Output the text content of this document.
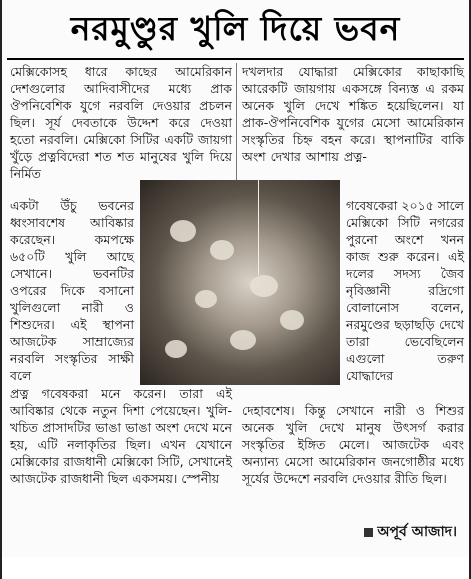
নরমুণ্ডুর খুলি দিয়ে ভবন
মেক্সিকোসহ ধারে কাছের আমেরিকান দেশগুলোর আদিবাসীদের মধ্যে প্রাক ঔপনিবেশিক যুগে নরবলি দেওয়ার প্রচলন ছিল। সূর্য দেবতাকে উদ্দেশ করে দেওয়া হতো নরবলি। মেক্সিকো সিটির একটি জায়গা খুঁড়ে প্রত্নবিদেরা শত শত মানুষের খুলি দিয়ে নির্মিত
দখলদার যোদ্ধারা মেক্সিকোর কাছাকাছি আরেকটি জায়গায় একসঙ্গে বিন্যস্ত এ রকম অনেক খুলি দেখে শঙ্কিত হয়েছিলেন। যা প্রাক-ঔপনিবেশিক যুগের মেসো আমেরিকান সংস্কৃতির চিহ্ন বহন করে। স্থাপনাটির বাকি অংশ দেখার আশায় প্রত্ন-
একটা উঁচু ভবনের ধ্বংসাবশেষ আবিষ্কার করেছেন। কমপক্ষে ৬৫০টি খুলি আছে সেখানে। ভবনটির ওপরের দিকে বসানো খুলিগুলো নারী ও শিশুদের। এই স্থাপনা আজটেক সাম্রাজ্যের নরবলি সংস্কৃতির সাক্ষী বলে
গবেষকেরা ২০১৫ সালে মেক্সিকো সিটি নগরের পুরনো অংশে খনন কাজ শুরু করেন। এই দলের সদস্য জৈব নৃবিজ্ঞানী রদ্রিগো বোলানোস বলেন, নরমুণ্ডের ছড়াছড়ি দেখে তারা ভেবেছিলেন এগুলো তরুণ যোদ্ধাদের
প্রত্ন গবেষকরা মনে করেন। তারা এই আবিষ্কার থেকে নতুন দিশা পেয়েছেন। খুলি-খচিত প্রাসাদটির ভাঙা ভাঙা অংশ দেখে মনে হয়, এটি নলাকৃতির ছিল। এখন যেখানে মেক্সিকোর রাজধানী মেক্সিকো সিটি, সেখানেই আজটেক রাজধানী ছিল একসময়। স্পেনীয়
দেহাবশেষ। কিন্তু সেখানে নারী ও শিশুর অনেক খুলি দেখে মানুষ উৎসর্গ করার সংস্কৃতির ইঙ্গিত মেলে। আজটেক এবং অন্যান্য মেসো আমেরিকান জনগোষ্ঠীর মধ্যে সূর্যের উদ্দেশে নরবলি দেওয়ার রীতি ছিল।
অপূর্ব আজাদ।
